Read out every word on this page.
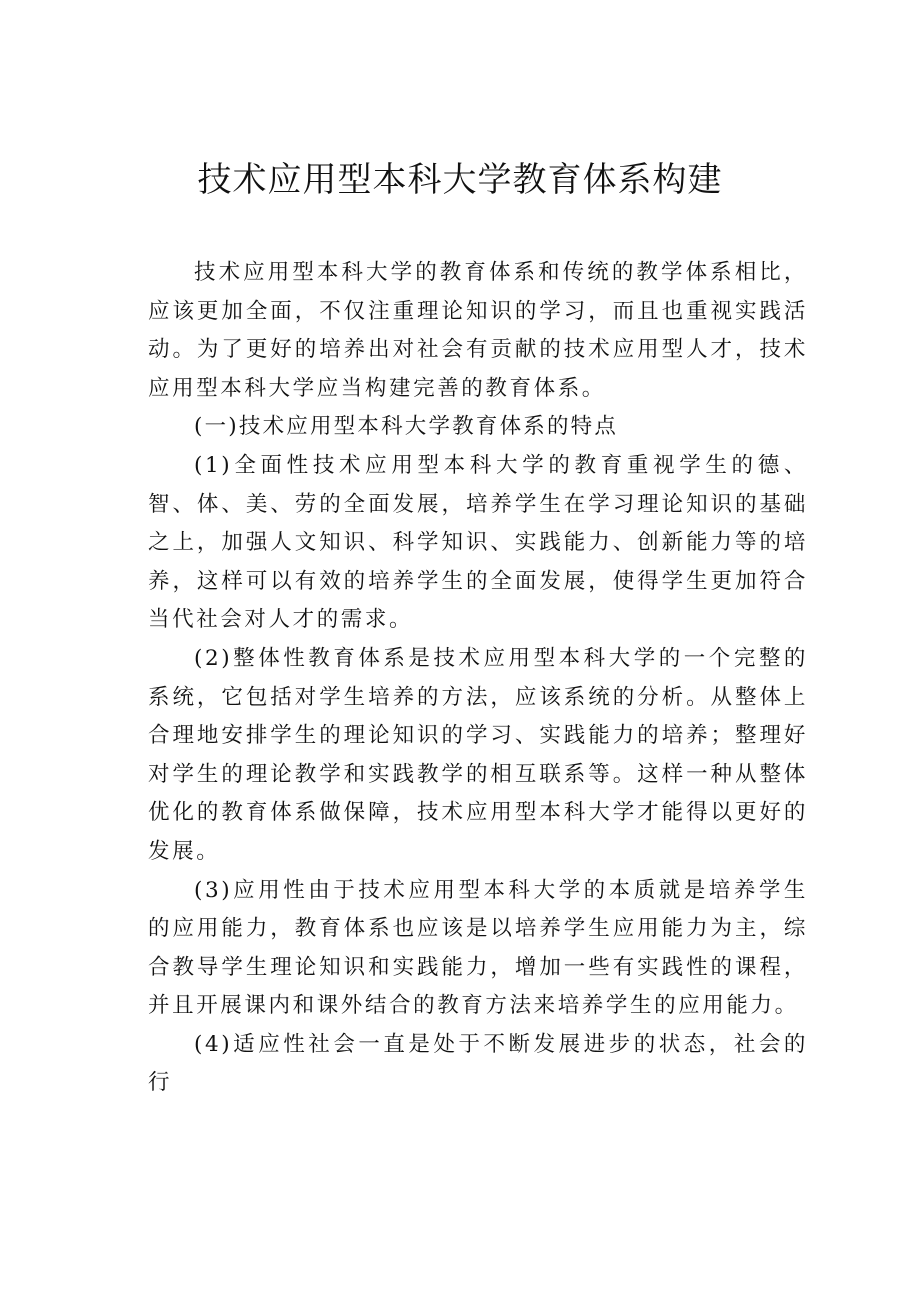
技术应用型本科大学教育体系构建

技术应用型本科大学的教育体系和传统的教学体系相比，应该更加全面，不仅注重理论知识的学习，而且也重视实践活动。为了更好的培养出对社会有贡献的技术应用型人才，技术应用型本科大学应当构建完善的教育体系。

(一)技术应用型本科大学教育体系的特点

(1)全面性技术应用型本科大学的教育重视学生的德、智、体、美、劳的全面发展，培养学生在学习理论知识的基础之上，加强人文知识、科学知识、实践能力、创新能力等的培养，这样可以有效的培养学生的全面发展，使得学生更加符合当代社会对人才的需求。

(2)整体性教育体系是技术应用型本科大学的一个完整的系统，它包括对学生培养的方法，应该系统的分析。从整体上合理地安排学生的理论知识的学习、实践能力的培养；整理好对学生的理论教学和实践教学的相互联系等。这样一种从整体优化的教育体系做保障，技术应用型本科大学才能得以更好的发展。

(3)应用性由于技术应用型本科大学的本质就是培养学生的应用能力，教育体系也应该是以培养学生应用能力为主，综合教导学生理论知识和实践能力，增加一些有实践性的课程，并且开展课内和课外结合的教育方法来培养学生的应用能力。

(4)适应性社会一直是处于不断发展进步的状态，社会的行
